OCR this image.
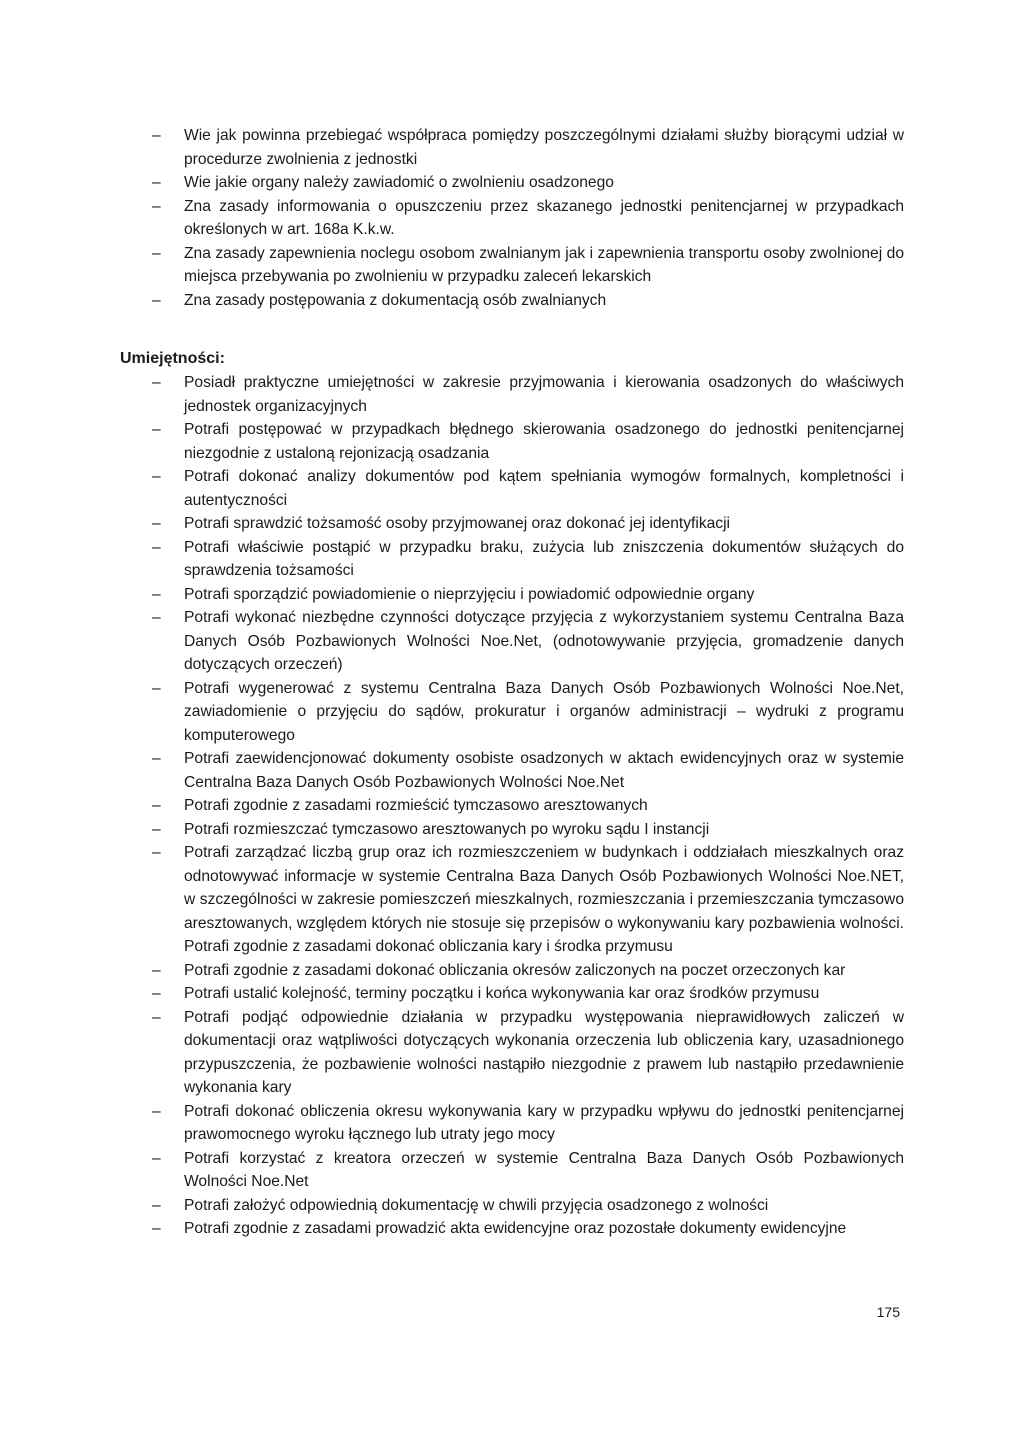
–	Wie jak powinna przebiegać współpraca pomiędzy poszczególnymi działami służby biorącymi udział w procedurze zwolnienia z jednostki
–	Wie jakie organy należy zawiadomić o zwolnieniu osadzonego
–	Zna zasady informowania o opuszczeniu przez skazanego jednostki penitencjarnej w przypadkach określonych w art. 168a K.k.w.
–	Zna zasady zapewnienia noclegu osobom zwalnianym jak i zapewnienia transportu osoby zwolnionej do miejsca przebywania po zwolnieniu w przypadku zaleceń lekarskich
–	Zna zasady postępowania z dokumentacją osób zwalnianych
Umiejętności:
–	Posiadł praktyczne umiejętności w zakresie przyjmowania i kierowania osadzonych do właściwych jednostek organizacyjnych
–	Potrafi postępować w przypadkach błędnego skierowania osadzonego do jednostki penitencjarnej niezgodnie z ustaloną rejonizacją osadzania
–	Potrafi dokonać analizy dokumentów pod kątem spełniania wymogów formalnych, kompletności i autentyczności
–	Potrafi sprawdzić tożsamość osoby przyjmowanej oraz dokonać jej identyfikacji
–	Potrafi właściwie postąpić w przypadku braku, zużycia lub zniszczenia dokumentów służących do sprawdzenia tożsamości
–	Potrafi sporządzić powiadomienie o nieprzyjęciu i powiadomić odpowiednie organy
–	Potrafi wykonać niezbędne czynności dotyczące przyjęcia z wykorzystaniem systemu Centralna Baza Danych Osób Pozbawionych Wolności Noe.Net, (odnotowywanie przyjęcia, gromadzenie danych dotyczących orzeczeń)
–	Potrafi wygenerować z systemu Centralna Baza Danych Osób Pozbawionych Wolności Noe.Net, zawiadomienie o przyjęciu do sądów, prokuratur i organów administracji – wydruki z programu komputerowego
–	Potrafi zaewidencjonować dokumenty osobiste osadzonych w aktach ewidencyjnych oraz w systemie Centralna Baza Danych Osób Pozbawionych Wolności Noe.Net
–	Potrafi zgodnie z zasadami rozmieścić tymczasowo aresztowanych
–	Potrafi rozmieszczać tymczasowo aresztowanych po wyroku sądu I instancji
–	Potrafi zarządzać liczbą grup oraz ich rozmieszczeniem w budynkach i oddziałach mieszkalnych oraz odnotowywać informacje w systemie Centralna Baza Danych Osób Pozbawionych Wolności Noe.NET, w szczególności w zakresie pomieszczeń mieszkalnych, rozmieszczania i przemieszczania tymczasowo aresztowanych, względem których nie stosuje się przepisów o wykonywaniu kary pozbawienia wolności. Potrafi zgodnie z zasadami dokonać obliczania kary i środka przymusu
–	Potrafi zgodnie z zasadami dokonać obliczania okresów zaliczonych na poczet orzeczonych kar
–	Potrafi ustalić kolejność, terminy początku i końca wykonywania kar oraz środków przymusu
–	Potrafi podjąć odpowiednie działania w przypadku występowania nieprawidłowych zaliczeń w dokumentacji oraz wątpliwości dotyczących wykonania orzeczenia lub obliczenia kary, uzasadnionego przypuszczenia, że pozbawienie wolności nastąpiło niezgodnie z prawem lub nastąpiło przedawnienie wykonania kary
–	Potrafi dokonać obliczenia okresu wykonywania kary w przypadku wpływu do jednostki penitencjarnej prawomocnego wyroku łącznego lub utraty jego mocy
–	Potrafi korzystać z kreatora orzeczeń w systemie Centralna Baza Danych Osób Pozbawionych Wolności Noe.Net
–	Potrafi założyć odpowiednią dokumentację w chwili przyjęcia osadzonego z wolności
–	Potrafi zgodnie z zasadami prowadzić akta ewidencyjne oraz pozostałe dokumenty ewidencyjne
175
